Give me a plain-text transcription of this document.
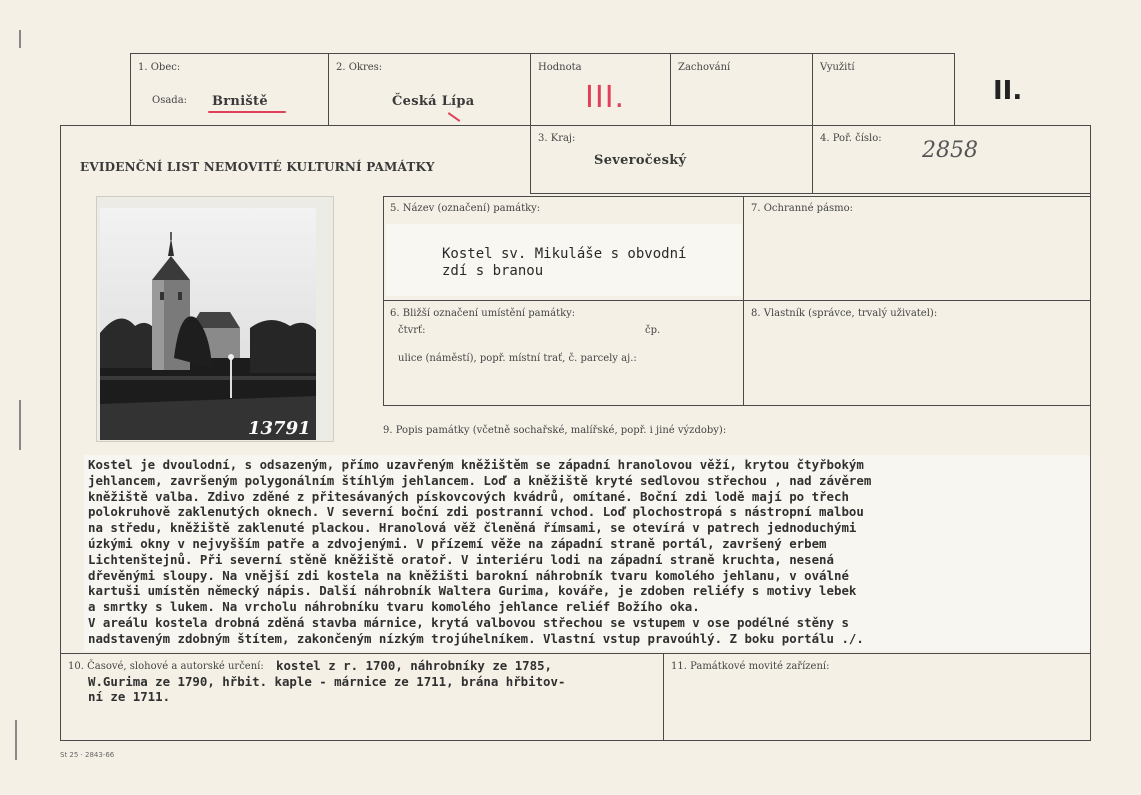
1. Obec:
Osada: Brniště
2. Okres:
Česká Lípa
Hodnota
III.
Zachování	Využití
II.
EVIDENČNÍ LIST NEMOVITÉ KULTURNÍ PAMÁTKY
3. Kraj:
Severočeský
4. Poř. číslo: 2858
13791
5. Název (označení) památky:
Kostel sv. Mikuláše s obvodní
zdí s branou
7. Ochranné pásmo:
6. Bližší označení umístění památky:
čtvrť:	čp.
ulice (náměstí), popř. místní trať, č. parcely aj.:
8. Vlastník (správce, trvalý uživatel):
9. Popis památky (včetně sochařské, malířské, popř. i jiné výzdoby):
Kostel je dvoulodní, s odsazeným, přímo uzavřeným kněžištěm se západní hranolovou věží, krytou čtyřbokým
jehlancem, završeným polygonálním štíhlým jehlancem. Loď a kněžiště kryté sedlovou střechou , nad závěrem
kněžiště valba. Zdivo zděné z přitesávaných pískovcových kvádrů, omítané. Boční zdi lodě mají po třech
polokruhově zaklenutých oknech. V severní boční zdi postranní vchod. Loď plochostropá s nástropní malbou
na středu, kněžiště zaklenuté plackou. Hranolová věž členěná římsami, se otevírá v patrech jednoduchými
úzkými okny v nejvyšším patře a zdvojenými. V přízemí věže na západní straně portál, završený erbem
Lichtenštejnů. Při severní stěně kněžiště oratoř. V interiéru lodi na západní straně kruchta, nesená
dřevěnými sloupy. Na vnější zdi kostela na kněžišti barokní náhrobník tvaru komolého jehlanu, v oválné
kartuši umístěn německý nápis. Další náhrobník Waltera Gurima, kováře, je zdoben reliéfy s motivy lebek
a smrtky s lukem. Na vrcholu náhrobníku tvaru komolého jehlance reliéf Božího oka.
V areálu kostela drobná zděná stavba márnice, krytá valbovou střechou se vstupem v ose podélné stěny s
nadstaveným zdobným štítem, zakončeným nízkým trojúhelníkem. Vlastní vstup pravoúhlý. Z boku portálu ./.
10. Časové, slohové a autorské určení: kostel z r. 1700, náhrobníky ze 1785,
W.Gurima ze 1790, hřbit. kaple - márnice ze 1711, brána hřbitov-
ní ze 1711.
11. Památkové movité zařízení:
St 25 · 2843-66
